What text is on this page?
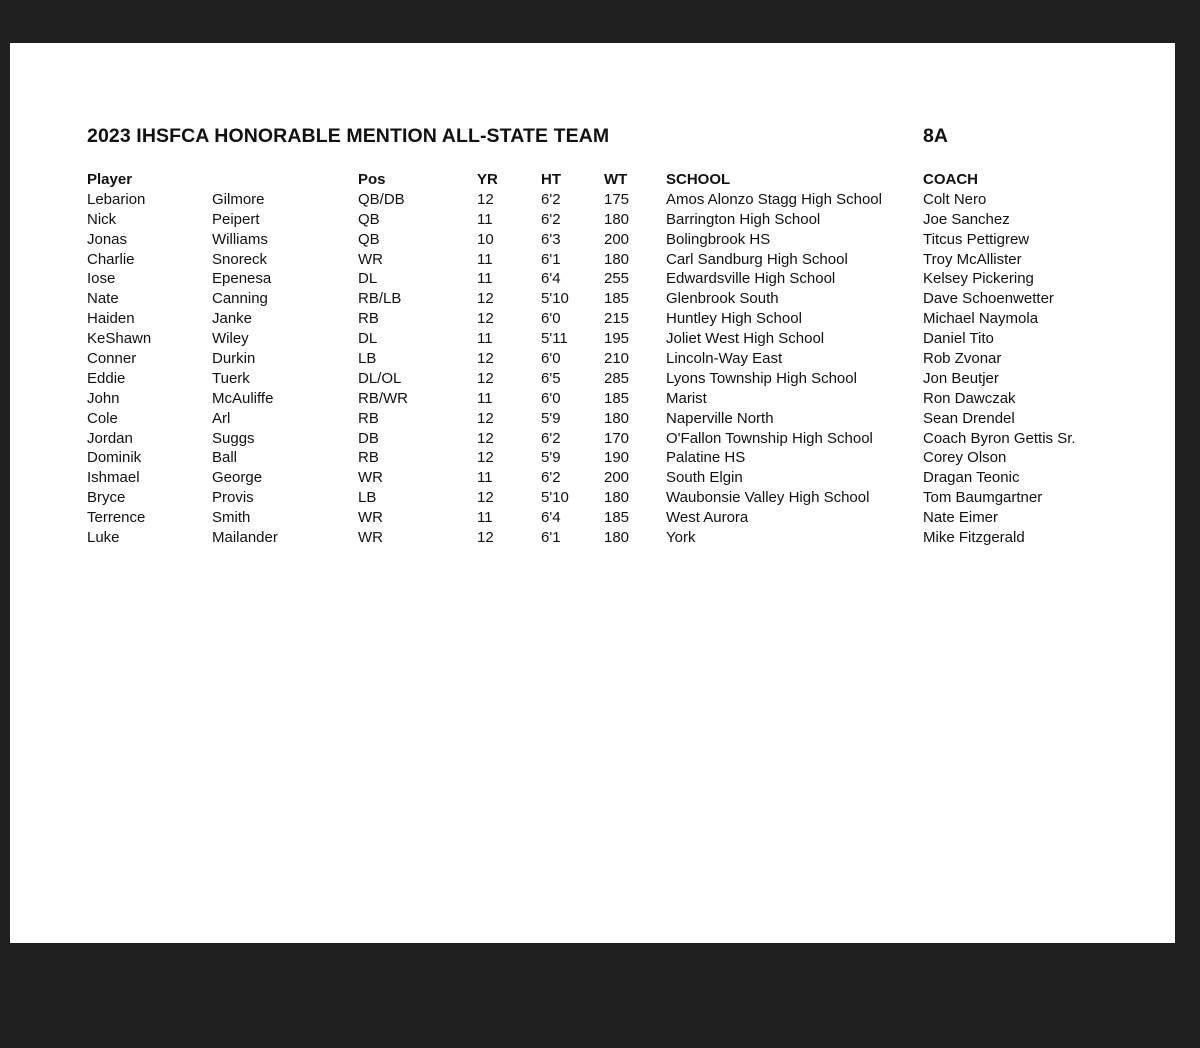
2023 IHSFCA HONORABLE MENTION ALL-STATE TEAM	8A
Player	Pos	YR	HT	WT	SCHOOL	COACH
Lebarion	Gilmore	QB/DB	12	6'2	175 Amos Alonzo Stagg High School	Colt Nero
Nick	Peipert	QB	11	6'2	180 Barrington High School	Joe Sanchez
Jonas	Williams	QB	10	6'3	200 Bolingbrook HS	Titcus Pettigrew
Charlie	Snoreck	WR	11	6'1	180 Carl Sandburg High School	Troy McAllister
Iose	Epenesa	DL	11	6'4	255 Edwardsville High School	Kelsey Pickering
Nate	Canning	RB/LB	12	5'10 185 Glenbrook South	Dave Schoenwetter
Haiden	Janke	RB	12	6'0	215 Huntley High School	Michael Naymola
KeShawn	Wiley	DL	11	5'11 195 Joliet West High School	Daniel Tito
Conner	Durkin	LB	12	6'0	210 Lincoln-Way East	Rob Zvonar
Eddie	Tuerk	DL/OL	12	6'5	285 Lyons Township High School	Jon Beutjer
John	McAuliffe	RB/WR	11	6'0	185 Marist	Ron Dawczak
Cole	Arl	RB	12	5'9	180 Naperville North	Sean Drendel
Jordan	Suggs	DB	12	6'2	170 O'Fallon Township High School	Coach Byron Gettis Sr.
Dominik	Ball	RB	12	5'9	190 Palatine HS	Corey Olson
Ishmael	George	WR	11	6'2	200 South Elgin	Dragan Teonic
Bryce	Provis	LB	12	5'10 180 Waubonsie Valley High School	Tom Baumgartner
Terrence	Smith	WR	11	6'4	185 West Aurora	Nate Eimer
Luke	Mailander	WR	12	6'1	180 York	Mike Fitzgerald
